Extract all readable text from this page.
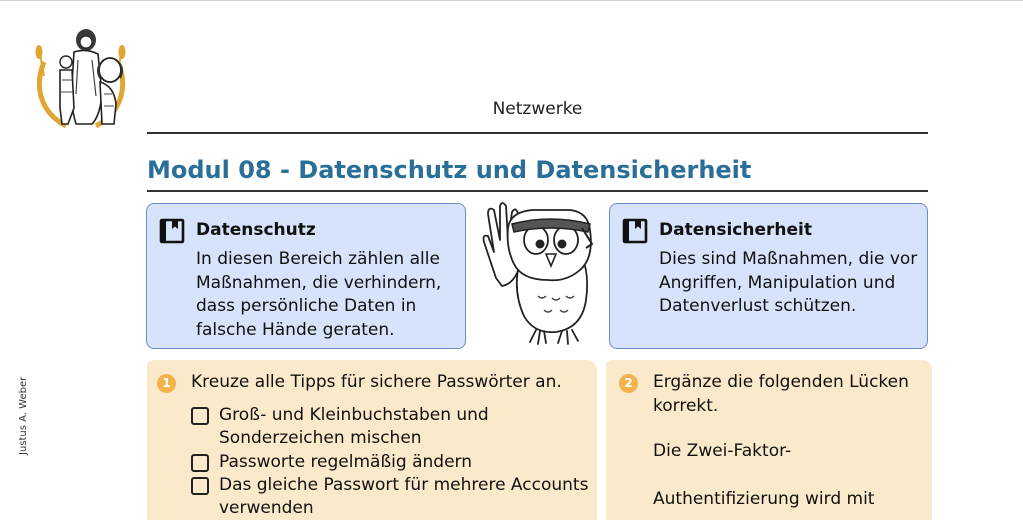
Netzwerke
Modul 08 - Datenschutz und Datensicherheit
Justus A. Weber
Datenschutz
In diesen Bereich zählen alle
Maßnahmen, die verhindern,
dass persönliche Daten in
falsche Hände geraten.
Datensicherheit
Dies sind Maßnahmen, die vor
Angriffen, Manipulation und
Datenverlust schützen.
1	Kreuze alle Tipps für sichere Passwörter an.
Groß- und Kleinbuchstaben und
Sonderzeichen mischen
Passworte regelmäßig ändern
Das gleiche Passwort für mehrere Accounts
verwenden
2	Ergänze die folgenden Lücken
korrekt.
Die Zwei-Faktor-
Authentifizierung wird mit
